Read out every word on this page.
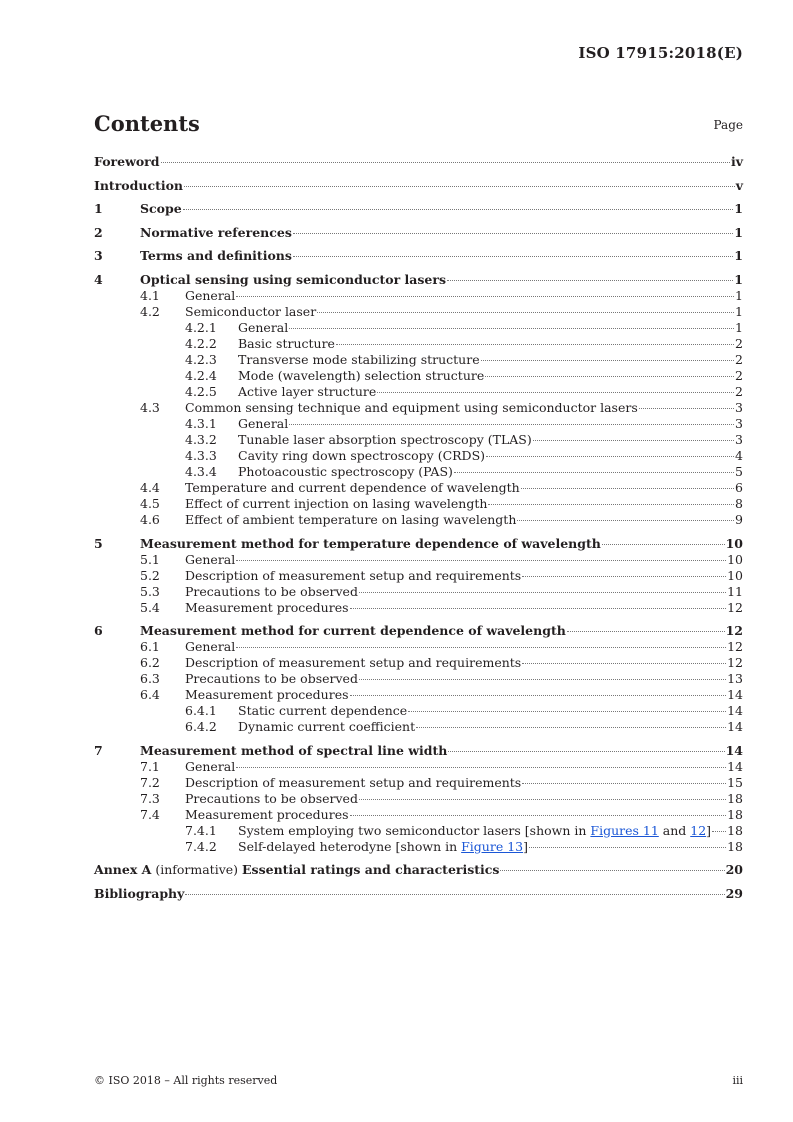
ISO 17915:2018(E)
Contents	Page
Foreword	iv
Introduction	v
1	Scope	1
2	Normative references	1
3	Terms and definitions	1
4	Optical sensing using semiconductor lasers	1
4.1	General	1
4.2	Semiconductor laser	1
4.2.1	General	1
4.2.2	Basic structure	2
4.2.3	Transverse mode stabilizing structure	2
4.2.4	Mode (wavelength) selection structure	2
4.2.5	Active layer structure	2
4.3	Common sensing technique and equipment using semiconductor lasers	3
4.3.1	General	3
4.3.2	Tunable laser absorption spectroscopy (TLAS)	3
4.3.3	Cavity ring down spectroscopy (CRDS)	4
4.3.4	Photoacoustic spectroscopy (PAS)	5
4.4	Temperature and current dependence of wavelength	6
4.5	Effect of current injection on lasing wavelength	8
4.6	Effect of ambient temperature on lasing wavelength	9
5	Measurement method for temperature dependence of wavelength	10
5.1	General	10
5.2	Description of measurement setup and requirements	10
5.3	Precautions to be observed	11
5.4	Measurement procedures	12
6	Measurement method for current dependence of wavelength	12
6.1	General	12
6.2	Description of measurement setup and requirements	12
6.3	Precautions to be observed	13
6.4	Measurement procedures	14
6.4.1	Static current dependence	14
6.4.2	Dynamic current coefficient	14
7	Measurement method of spectral line width	14
7.1	General	14
7.2	Description of measurement setup and requirements	15
7.3	Precautions to be observed	18
7.4	Measurement procedures	18
7.4.1	System employing two semiconductor lasers [shown in Figures 11 and 12] 18
7.4.2	Self-delayed heterodyne [shown in Figure 13]	18
Annex A (informative) Essential ratings and characteristics	20
Bibliography	29
© ISO 2018 – All rights reserved	iii
